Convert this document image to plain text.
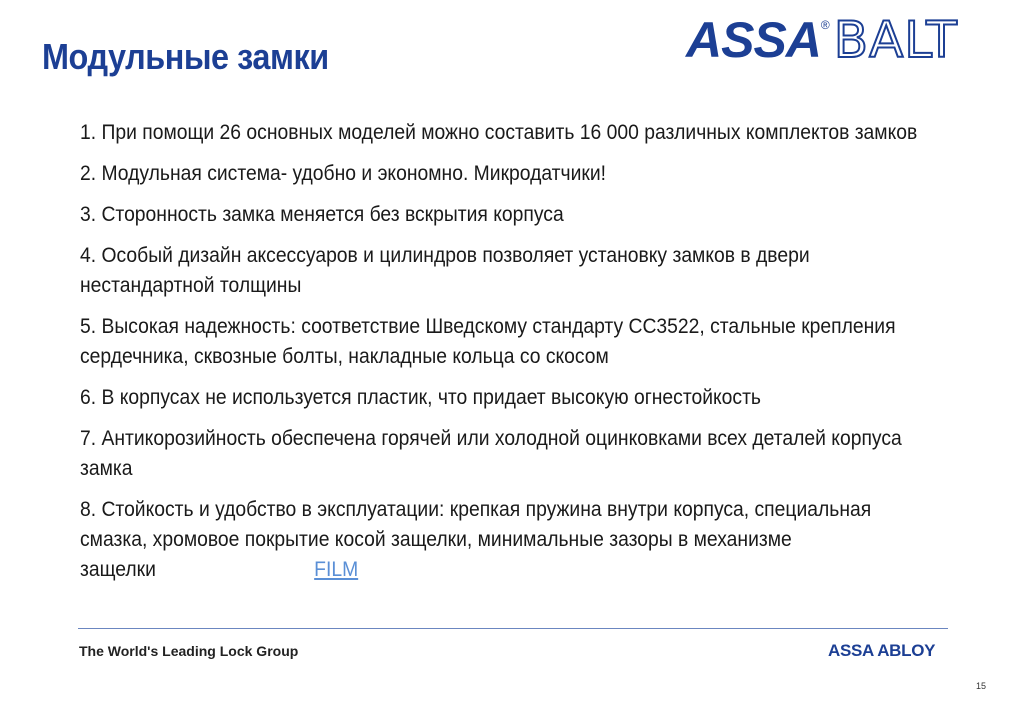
Модульные замки	ASSA ® BALT
1. При помощи 26 основных моделей можно составить 16 000 различных комплектов замков
2. Модульная система- удобно и экономно. Микродатчики!
3. Сторонность замка меняется без вскрытия корпуса
4. Особый дизайн аксессуаров и цилиндров позволяет установку замков в двери нестандартной толщины
5. Высокая надежность: соответствие Шведскому стандарту СС3522, стальные крепления сердечника, сквозные болты, накладные кольца со скосом
6. В корпусах не используется пластик, что придает высокую огнестойкость
7. Антикорозийность обеспечена горячей или холодной оцинковками всех деталей корпуса замка
8. Стойкость и удобство в эксплуатации: крепкая пружина внутри корпуса, специальная смазка, хромовое покрытие косой защелки, минимальные зазоры в механизме защелки	FILM
The World's Leading Lock Group	ASSA ABLOY
15
